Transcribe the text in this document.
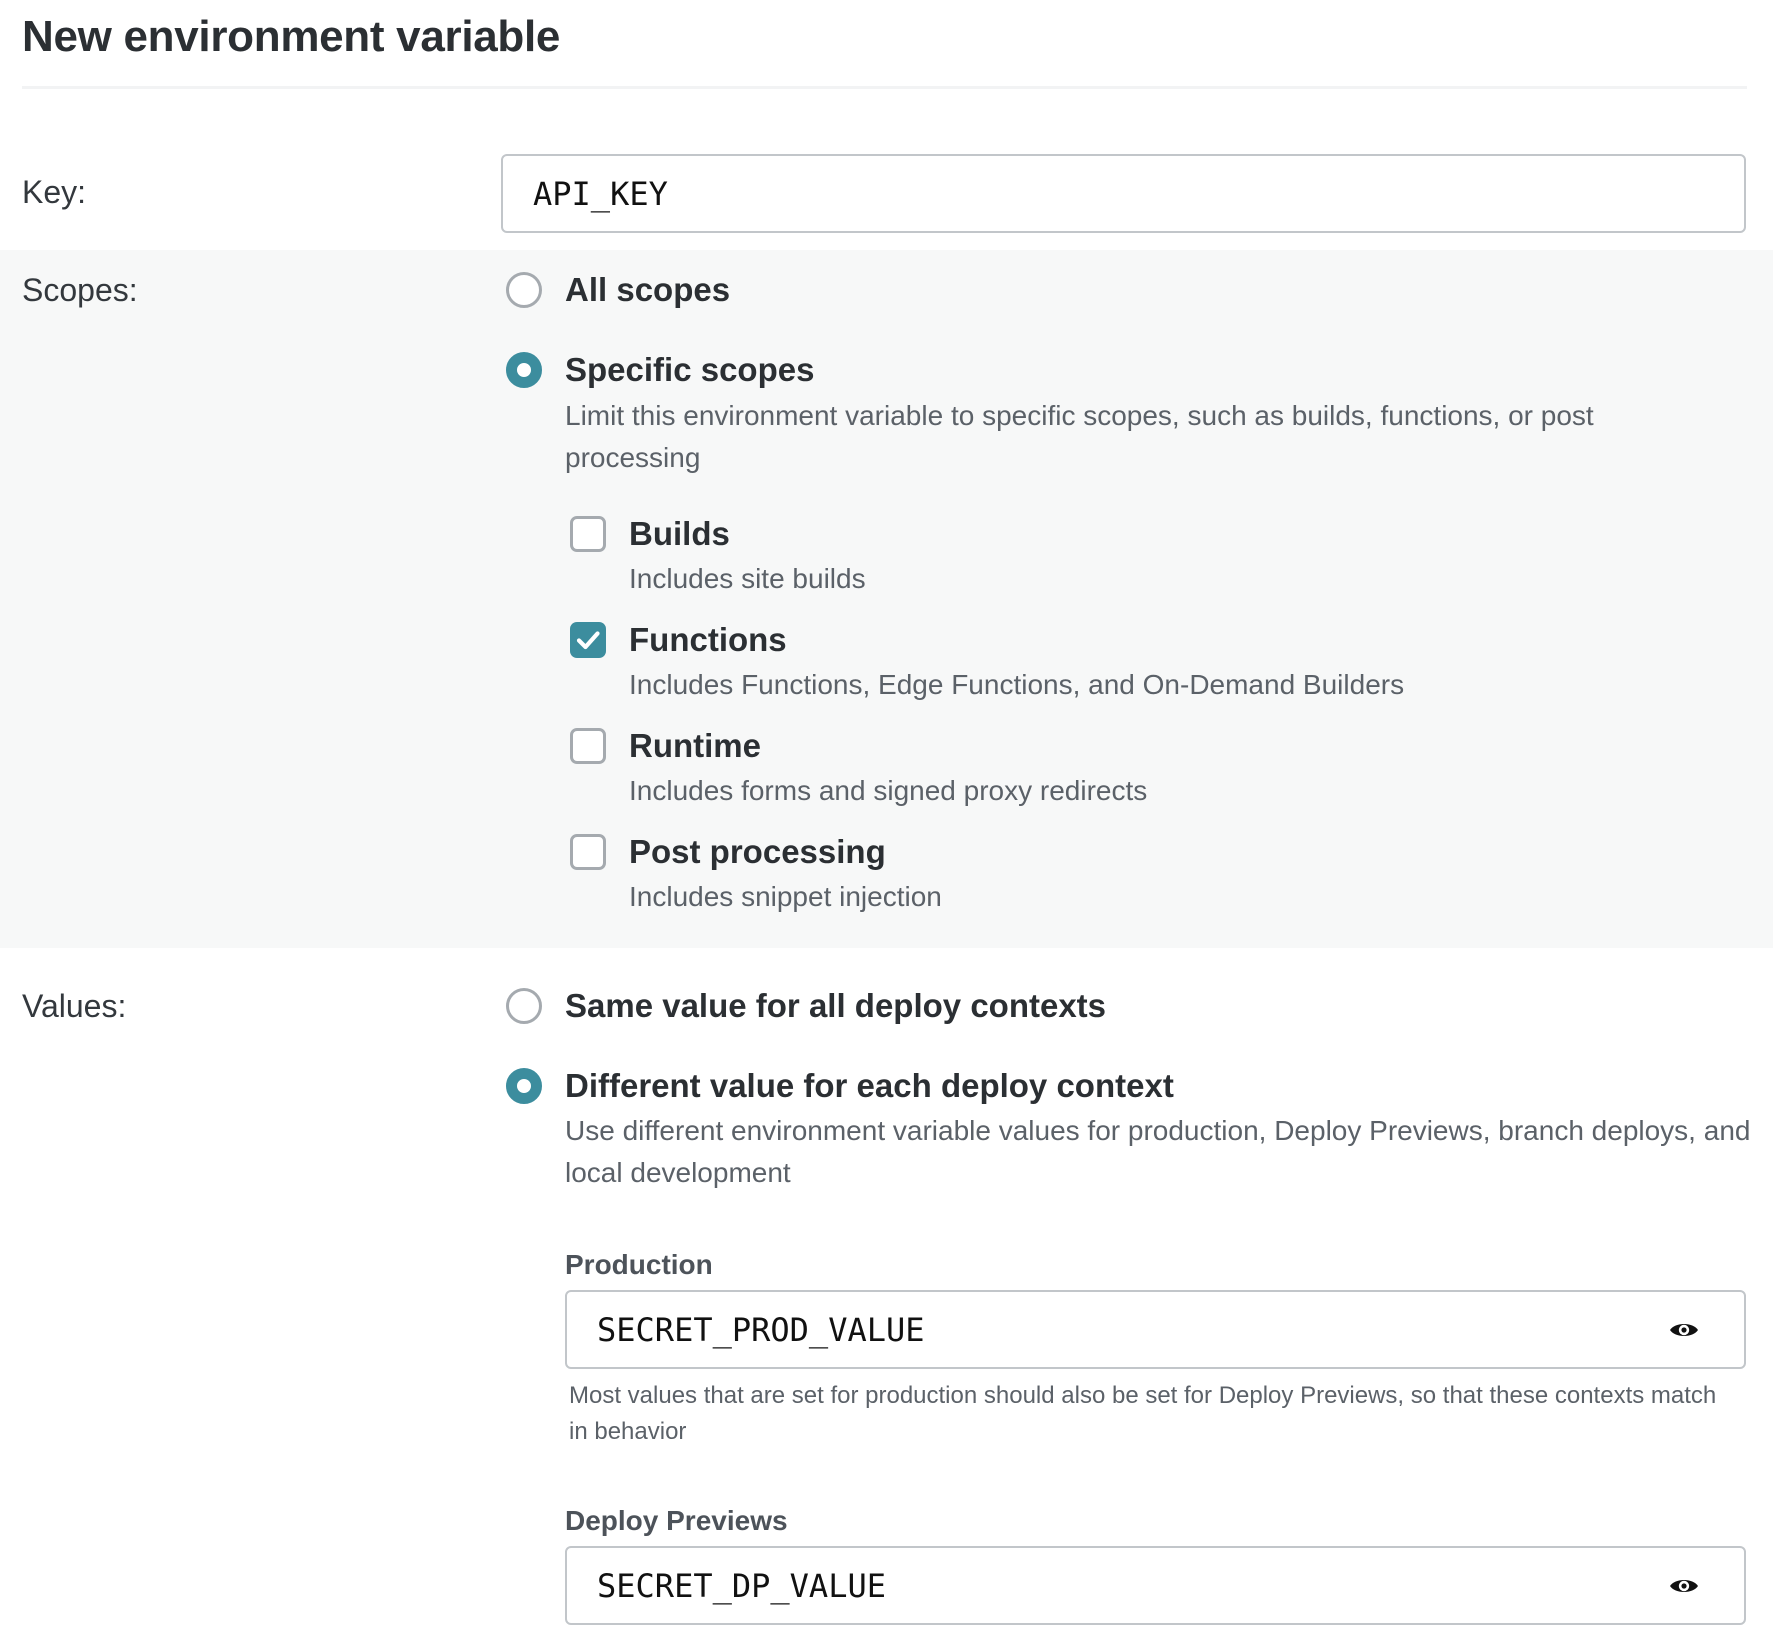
New environment variable
Key:	API_KEY
Scopes:	All scopes
Specific scopes
Limit this environment variable to specific scopes, such as builds, functions, or post processing
Builds
Includes site builds
Functions
Includes Functions, Edge Functions, and On-Demand Builders
Runtime
Includes forms and signed proxy redirects
Post processing
Includes snippet injection
Values:	Same value for all deploy contexts
Different value for each deploy context
Use different environment variable values for production, Deploy Previews, branch deploys, and local development
Production
SECRET_PROD_VALUE
Most values that are set for production should also be set for Deploy Previews, so that these contexts match in behavior
Deploy Previews
SECRET_DP_VALUE
